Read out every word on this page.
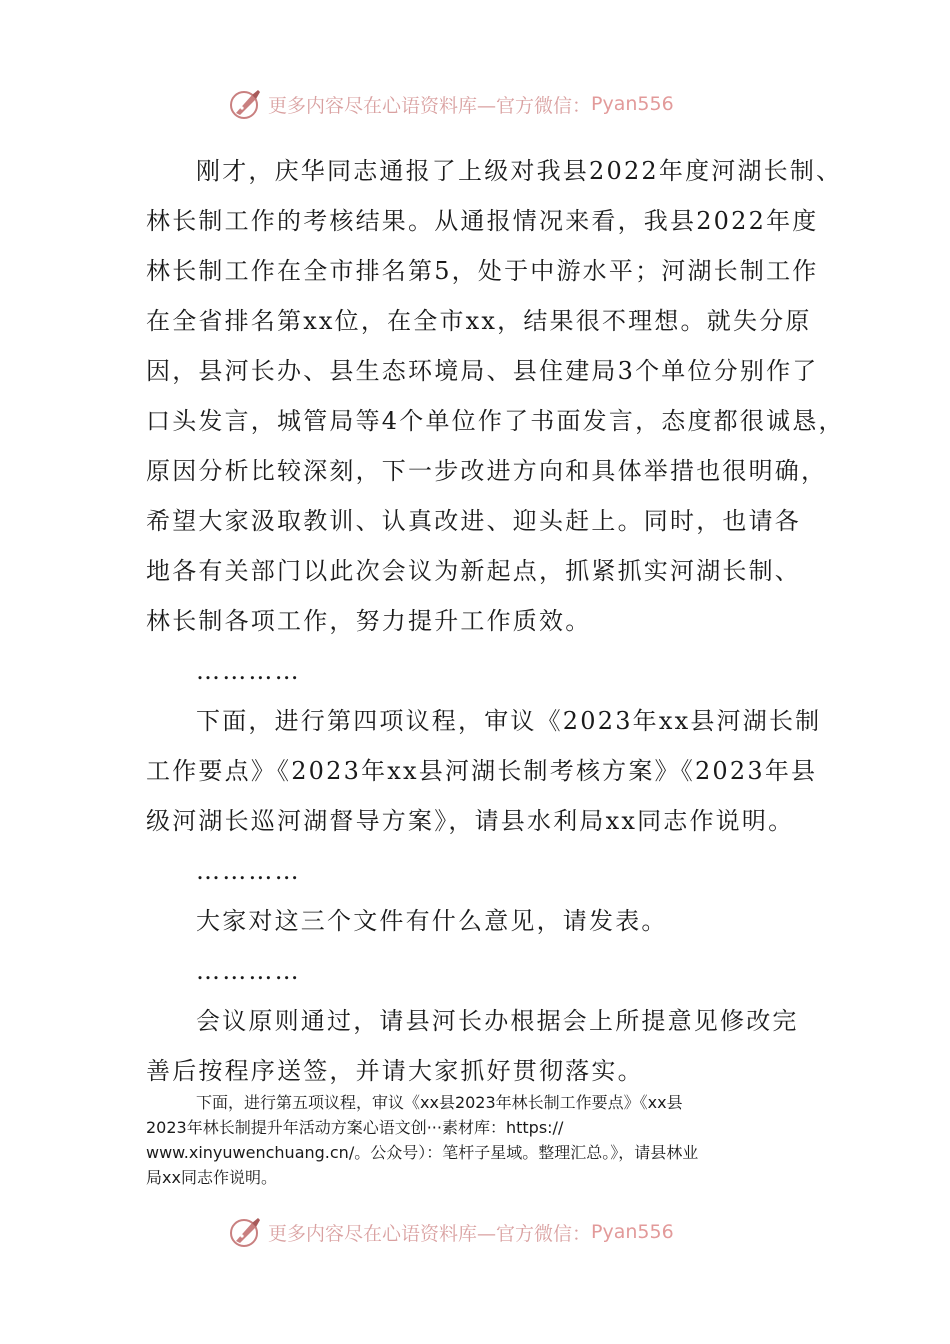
更多内容尽在心语资料库—官方微信： Pyan556
刚才，庆华同志通报了上级对我县2022年度河湖长制、
林长制工作的考核结果。从通报情况来看，我县2022年度
林长制工作在全市排名第5，处于中游水平；河湖长制工作
在全省排名第xx位，在全市xx，结果很不理想。就失分原
因，县河长办、县生态环境局、县住建局3个单位分别作了
口头发言，城管局等4个单位作了书面发言，态度都很诚恳，
原因分析比较深刻，下一步改进方向和具体举措也很明确，
希望大家汲取教训、认真改进、迎头赶上。同时，也请各
地各有关部门以此次会议为新起点，抓紧抓实河湖长制、
林长制各项工作，努力提升工作质效。
…………
下面，进行第四项议程，审议《2023年xx县河湖长制
工作要点》《2023年xx县河湖长制考核方案》《2023年县
级河湖长巡河湖督导方案》，请县水利局xx同志作说明。
…………
大家对这三个文件有什么意见，请发表。
…………
会议原则通过，请县河长办根据会上所提意见修改完
善后按程序送签，并请大家抓好贯彻落实。
下面，进行第五项议程，审议《xx县2023年林长制工作要点》《xx县
2023年林长制提升年活动方案心语文创···素材库：https://
www.xinyuwenchuang.cn/。公众号）：笔杆子星域。整理汇总。》，请县林业
局xx同志作说明。
更多内容尽在心语资料库—官方微信： Pyan556
